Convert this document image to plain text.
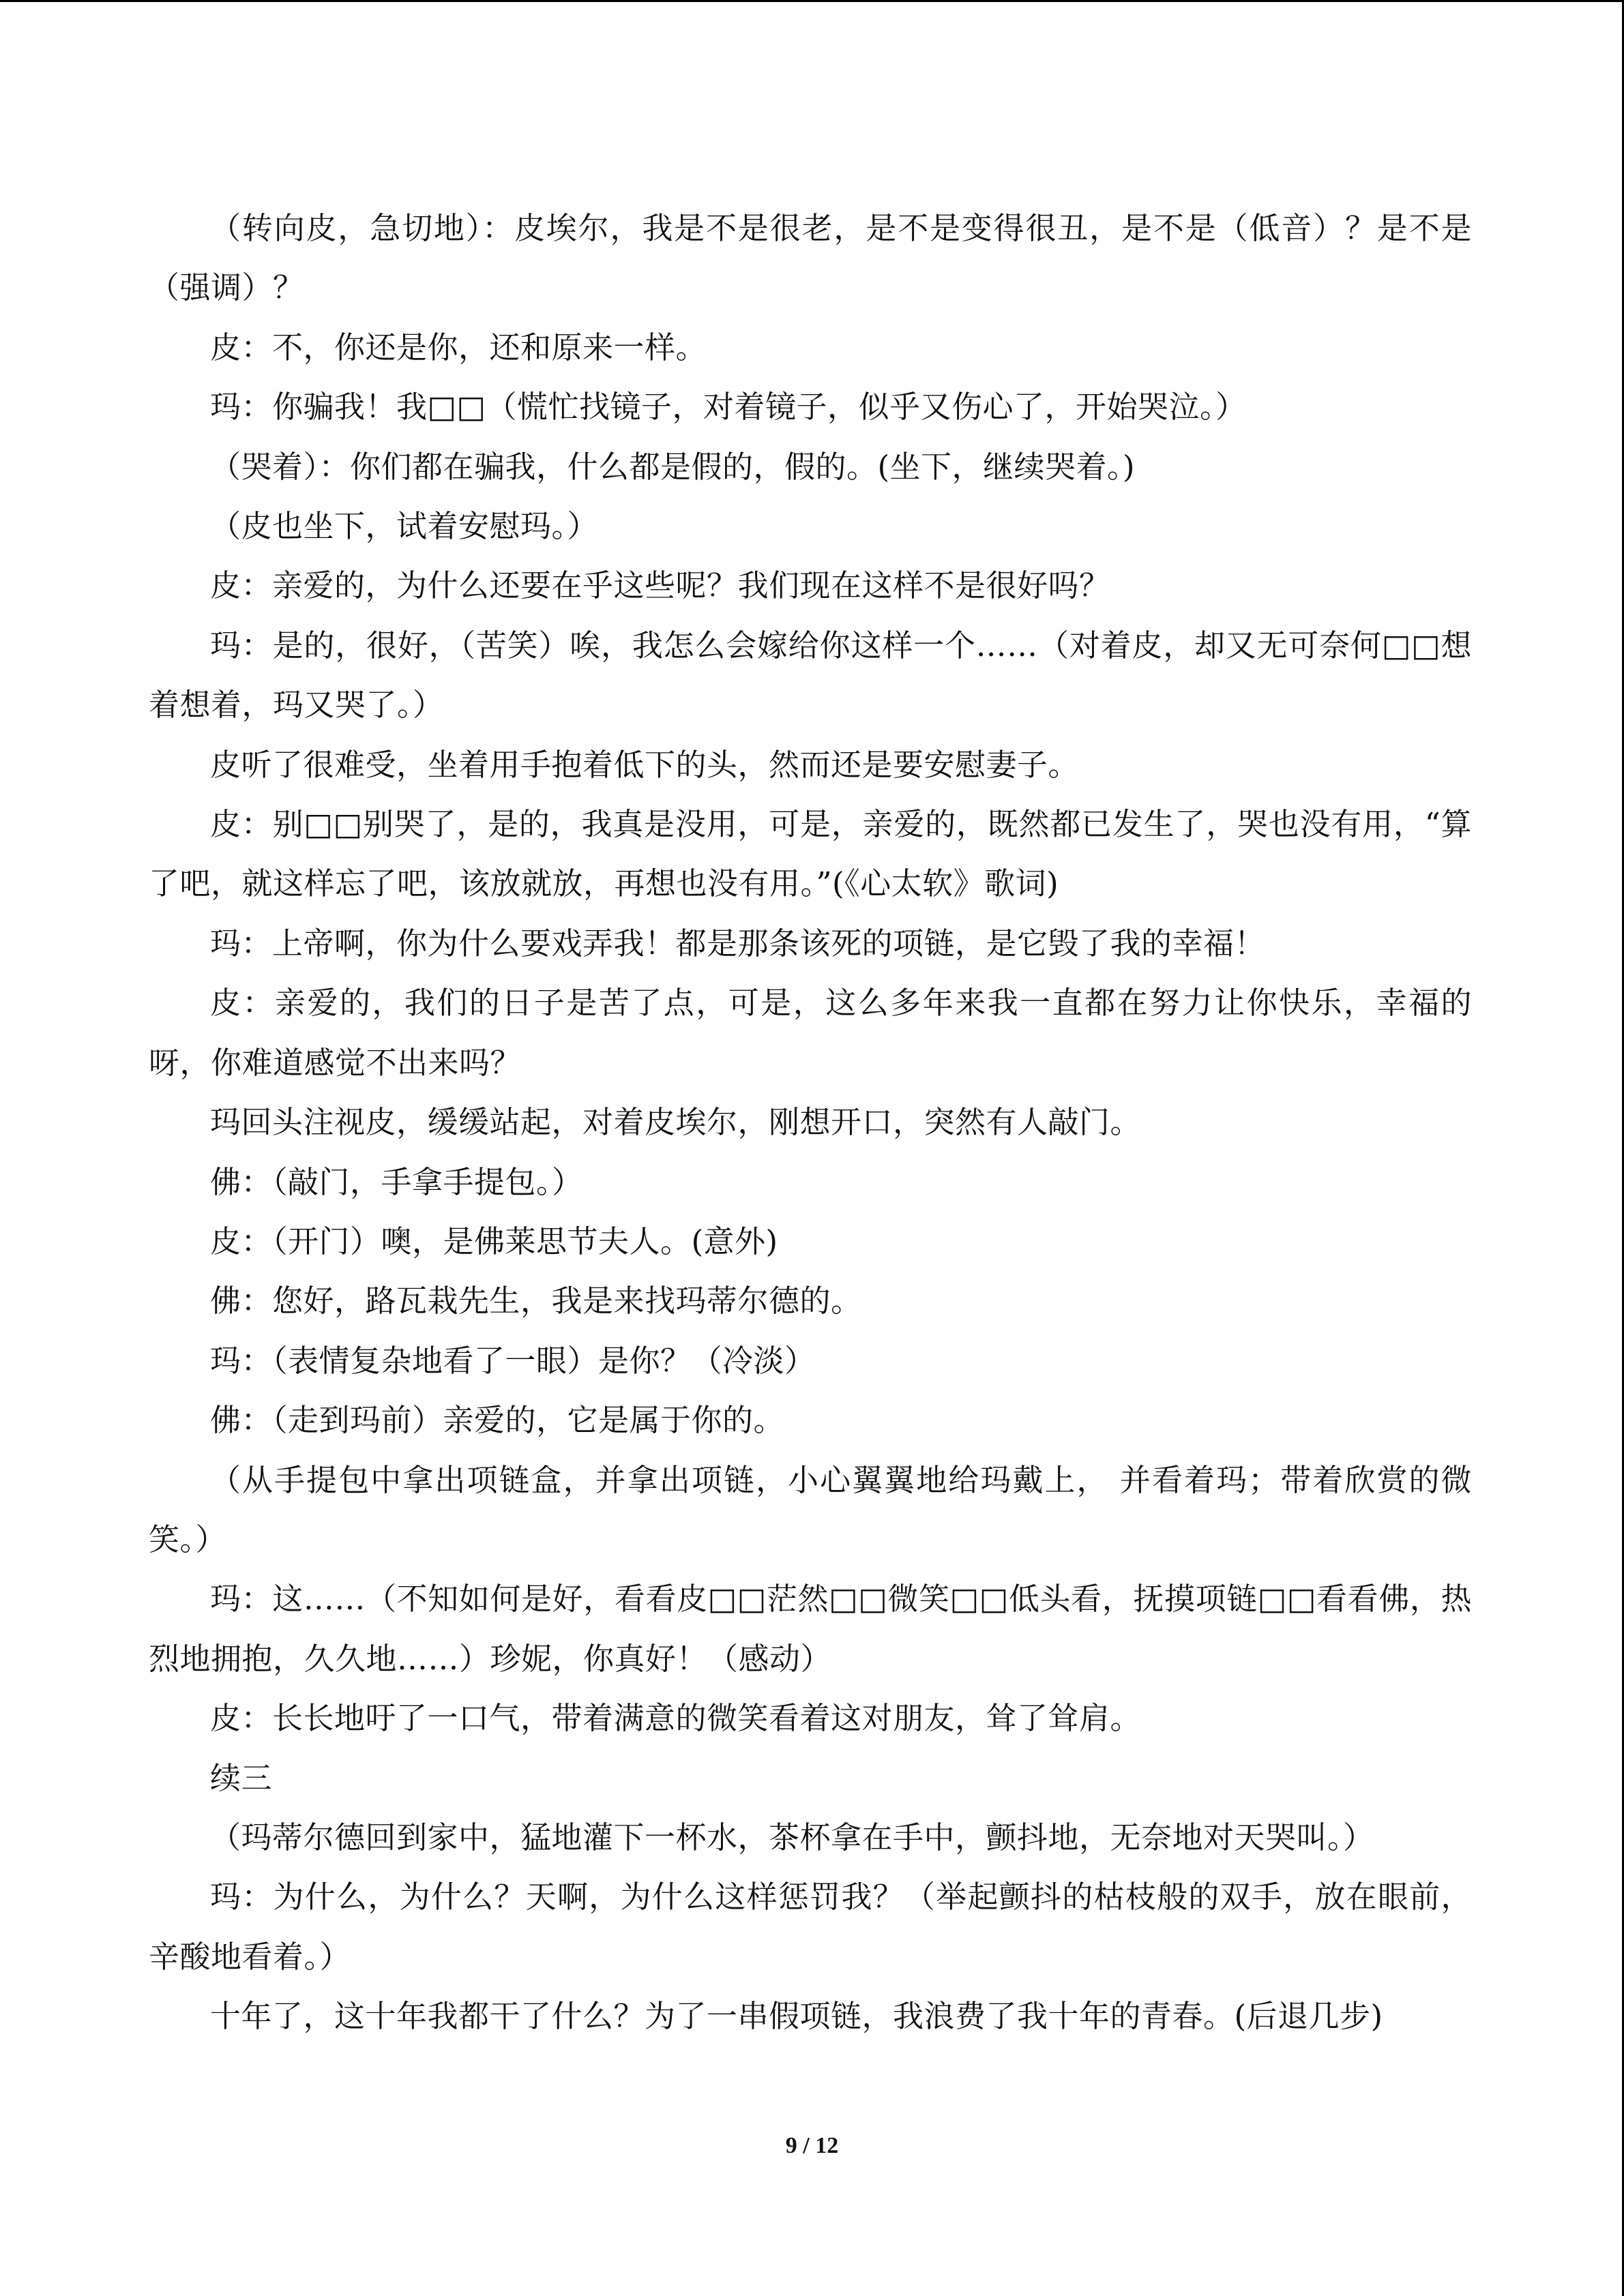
（转向皮，急切地）：皮埃尔，我是不是很老，是不是变得很丑，是不是（低音）？是不是（强调）？

皮：不，你还是你，还和原来一样。

玛：你骗我！我□□（慌忙找镜子，对着镜子，似乎又伤心了，开始哭泣。）

（哭着）：你们都在骗我，什么都是假的，假的。(坐下，继续哭着。)

（皮也坐下，试着安慰玛。）

皮：亲爱的，为什么还要在乎这些呢？我们现在这样不是很好吗？

玛：是的，很好，（苦笑）唉，我怎么会嫁给你这样一个……（对着皮，却又无可奈何□□想着想着，玛又哭了。）

皮听了很难受，坐着用手抱着低下的头，然而还是要安慰妻子。

皮：别□□别哭了，是的，我真是没用，可是，亲爱的，既然都已发生了，哭也没有用，“算了吧，就这样忘了吧，该放就放，再想也没有用。”(《心太软》歌词)

玛：上帝啊，你为什么要戏弄我！都是那条该死的项链，是它毁了我的幸福！

皮：亲爱的，我们的日子是苦了点，可是，这么多年来我一直都在努力让你快乐，幸福的呀，你难道感觉不出来吗？

玛回头注视皮，缓缓站起，对着皮埃尔，刚想开口，突然有人敲门。

佛：（敲门，手拿手提包。）

皮：（开门）噢，是佛莱思节夫人。(意外)

佛：您好，路瓦栽先生，我是来找玛蒂尔德的。

玛：（表情复杂地看了一眼）是你？（冷淡）

佛：（走到玛前）亲爱的，它是属于你的。

（从手提包中拿出项链盒，并拿出项链，小心翼翼地给玛戴上， 并看着玛；带着欣赏的微笑。）

玛：这……（不知如何是好，看看皮□□茫然□□微笑□□低头看，抚摸项链□□看看佛，热烈地拥抱，久久地……）珍妮，你真好！（感动）

皮：长长地吁了一口气，带着满意的微笑看着这对朋友，耸了耸肩。

续三

（玛蒂尔德回到家中，猛地灌下一杯水，茶杯拿在手中，颤抖地，无奈地对天哭叫。）

玛：为什么，为什么？天啊，为什么这样惩罚我？（举起颤抖的枯枝般的双手，放在眼前，辛酸地看着。）

十年了，这十年我都干了什么？为了一串假项链，我浪费了我十年的青春。(后退几步)

9 / 12
